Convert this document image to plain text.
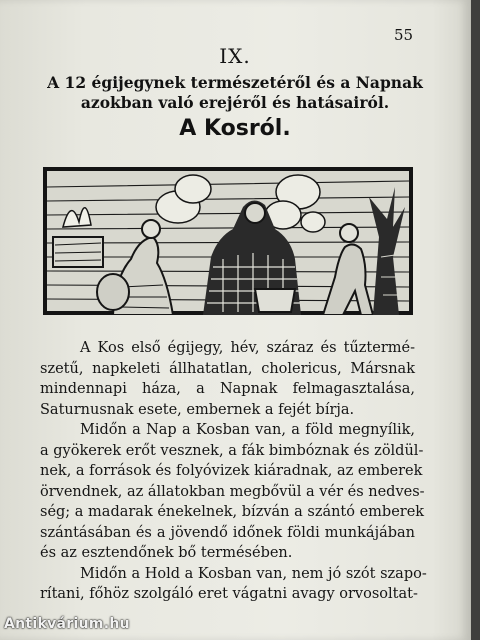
55
IX.
A 12 égijegynek természetéről és a Napnak
azokban való erejéről és hatásairól.
A Kosról.
A Kos első égijegy, hév, száraz és tűztermé-
szetű, napkeleti állhatatlan, cholericus, Mársnak
mindennapi háza, a Napnak felmagasztalása,
Saturnusnak esete, embernek a fejét bírja.
Midőn a Nap a Kosban van, a föld megnyílik,
a gyökerek erőt vesznek, a fák bimbóznak és zöldül-
nek, a források és folyóvizek kiáradnak, az emberek
örvendnek, az állatokban megbővül a vér és nedves-
ség; a madarak énekelnek, bízván a szántó emberek
szántásában és a jövendő időnek földi munkájában
és az esztendőnek bő termésében.
Midőn a Hold a Kosban van, nem jó szót szapo-
rítani, főhöz szolgáló eret vágatni avagy orvosoltat-
Antikvárium.hu
